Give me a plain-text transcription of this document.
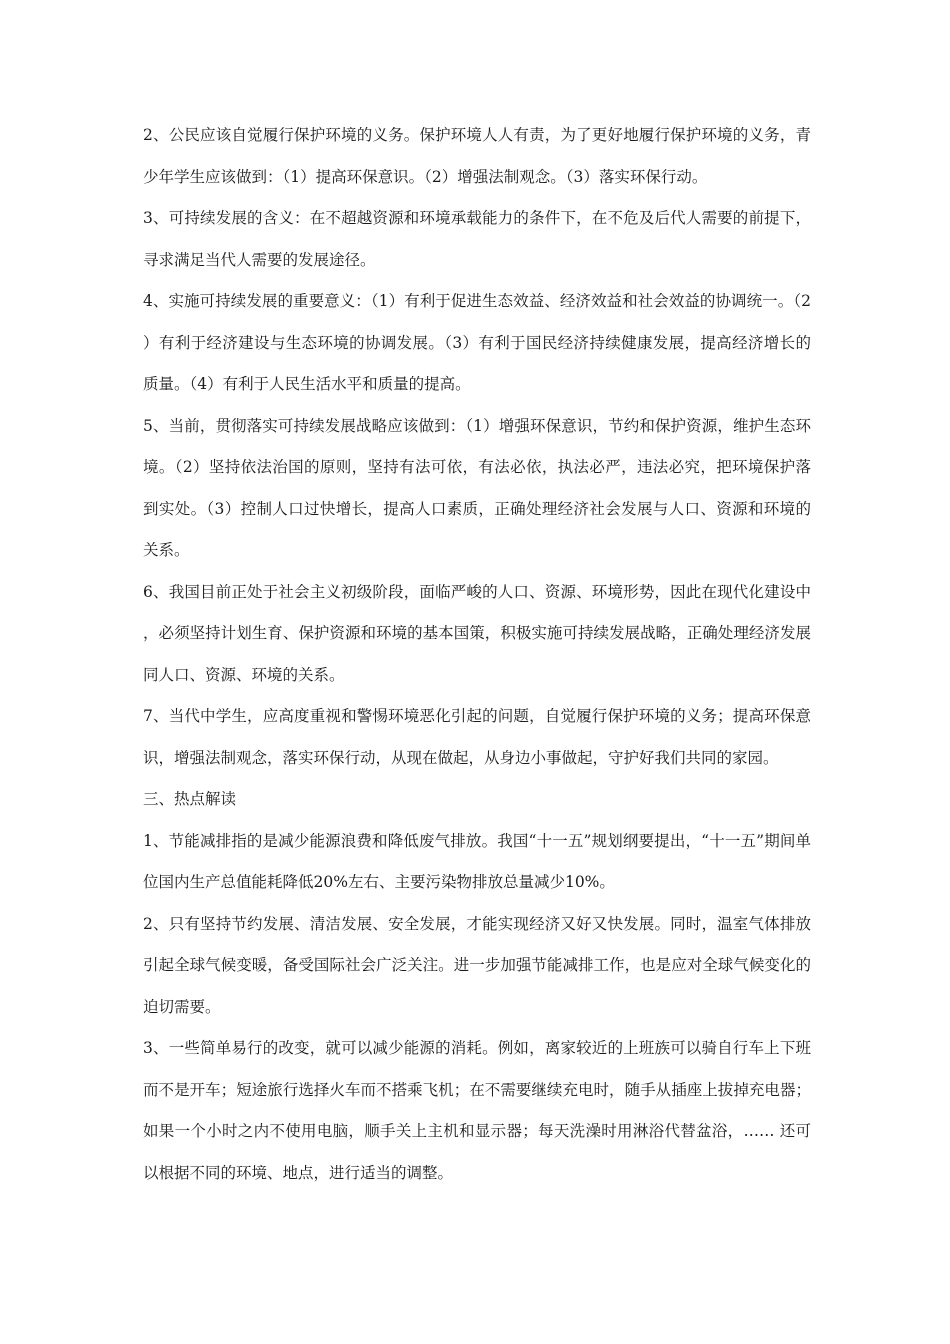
2、公民应该自觉履行保护环境的义务。保护环境人人有责，为了更好地履行保护环境的义务，青少年学生应该做到：（1）提高环保意识。（2）增强法制观念。（3）落实环保行动。

3、可持续发展的含义：在不超越资源和环境承载能力的条件下，在不危及后代人需要的前提下，寻求满足当代人需要的发展途径。

4、实施可持续发展的重要意义：（1）有利于促进生态效益、经济效益和社会效益的协调统一。（2）有利于经济建设与生态环境的协调发展。（3）有利于国民经济持续健康发展，提高经济增长的质量。（4）有利于人民生活水平和质量的提高。

5、当前，贯彻落实可持续发展战略应该做到：（1）增强环保意识，节约和保护资源，维护生态环境。（2）坚持依法治国的原则，坚持有法可依，有法必依，执法必严，违法必究，把环境保护落到实处。（3）控制人口过快增长，提高人口素质，正确处理经济社会发展与人口、资源和环境的关系。

6、我国目前正处于社会主义初级阶段，面临严峻的人口、资源、环境形势，因此在现代化建设中，必须坚持计划生育、保护资源和环境的基本国策，积极实施可持续发展战略，正确处理经济发展同人口、资源、环境的关系。

7、当代中学生，应高度重视和警惕环境恶化引起的问题，自觉履行保护环境的义务；提高环保意识，增强法制观念，落实环保行动，从现在做起，从身边小事做起，守护好我们共同的家园。

三、热点解读

1、节能减排指的是减少能源浪费和降低废气排放。我国“十一五”规划纲要提出，“十一五”期间单位国内生产总值能耗降低20%左右、主要污染物排放总量减少10%。

2、只有坚持节约发展、清洁发展、安全发展，才能实现经济又好又快发展。同时，温室气体排放引起全球气候变暖，备受国际社会广泛关注。进一步加强节能减排工作，也是应对全球气候变化的迫切需要。

3、一些简单易行的改变，就可以减少能源的消耗。例如，离家较近的上班族可以骑自行车上下班而不是开车；短途旅行选择火车而不搭乘飞机；在不需要继续充电时，随手从插座上拔掉充电器；如果一个小时之内不使用电脑，顺手关上主机和显示器；每天洗澡时用淋浴代替盆浴，…… 还可以根据不同的环境、地点，进行适当的调整。
